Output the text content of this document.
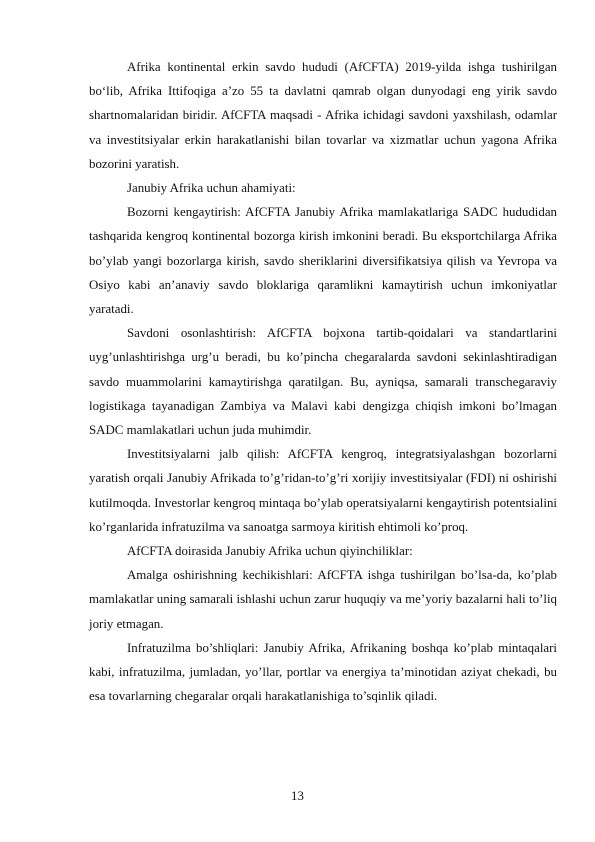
Afrika kontinental erkin savdo hududi (AfCFTA) 2019-yilda ishga tushirilgan bo‘lib, Afrika Ittifoqiga a’zo 55 ta davlatni qamrab olgan dunyodagi eng yirik savdo shartnomalaridan biridir. AfCFTA maqsadi - Afrika ichidagi savdoni yaxshilash, odamlar va investitsiyalar erkin harakatlanishi bilan tovarlar va xizmatlar uchun yagona Afrika bozorini yaratish.

Janubiy Afrika uchun ahamiyati:

Bozorni kengaytirish: AfCFTA Janubiy Afrika mamlakatlariga SADC hududidan tashqarida kengroq kontinental bozorga kirish imkonini beradi. Bu eksportchilarga Afrika bo’ylab yangi bozorlarga kirish, savdo sheriklarini diversifikatsiya qilish va Yevropa va Osiyo kabi an’anaviy savdo bloklariga qaramlikni kamaytirish uchun imkoniyatlar yaratadi.

Savdoni osonlashtirish: AfCFTA bojxona tartib-qoidalari va standartlarini uyg’unlashtirishga urg’u beradi, bu ko’pincha chegaralarda savdoni sekinlashtiradigan savdo muammolarini kamaytirishga qaratilgan. Bu, ayniqsa, samarali transchegaraviy logistikaga tayanadigan Zambiya va Malavi kabi dengizga chiqish imkoni bo’lmagan SADC mamlakatlari uchun juda muhimdir.

Investitsiyalarni jalb qilish: AfCFTA kengroq, integratsiyalashgan bozorlarni yaratish orqali Janubiy Afrikada to’g’ridan-to’g’ri xorijiy investitsiyalar (FDI) ni oshirishi kutilmoqda. Investorlar kengroq mintaqa bo’ylab operatsiyalarni kengaytirish potentsialini ko’rganlarida infratuzilma va sanoatga sarmoya kiritish ehtimoli ko’proq.

AfCFTA doirasida Janubiy Afrika uchun qiyinchiliklar:

Amalga oshirishning kechikishlari: AfCFTA ishga tushirilgan bo’lsa-da, ko’plab mamlakatlar uning samarali ishlashi uchun zarur huquqiy va me’yoriy bazalarni hali to’liq joriy etmagan.

Infratuzilma bo’shliqlari: Janubiy Afrika, Afrikaning boshqa ko’plab mintaqalari kabi, infratuzilma, jumladan, yo’llar, portlar va energiya ta’minotidan aziyat chekadi, bu esa tovarlarning chegaralar orqali harakatlanishiga to’sqinlik qiladi.

13
